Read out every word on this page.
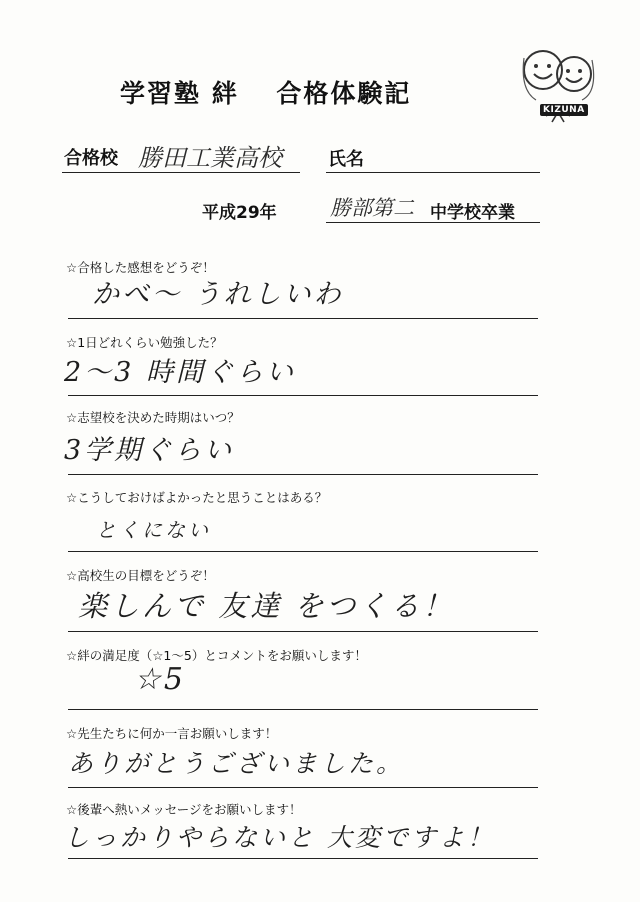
学習塾 絆　 合格体験記
KIZUNA
合格校 勝田工業高校	氏名
平成29年	勝部第二 中学校卒業
☆合格した感想をどうぞ！
かべ～ うれしいわ
☆1日どれくらい勉強した？
2～3 時間ぐらい
☆志望校を決めた時期はいつ？
3学期ぐらい
☆こうしておけばよかったと思うことはある？
とくにない
☆高校生の目標をどうぞ！
楽しんで 友達 をつくる！
☆絆の満足度（☆1～5）とコメントをお願いします！
☆5
☆先生たちに何か一言お願いします！
ありがとうございました。
☆後輩へ熱いメッセージをお願いします！
しっかりやらないと 大変ですよ！
